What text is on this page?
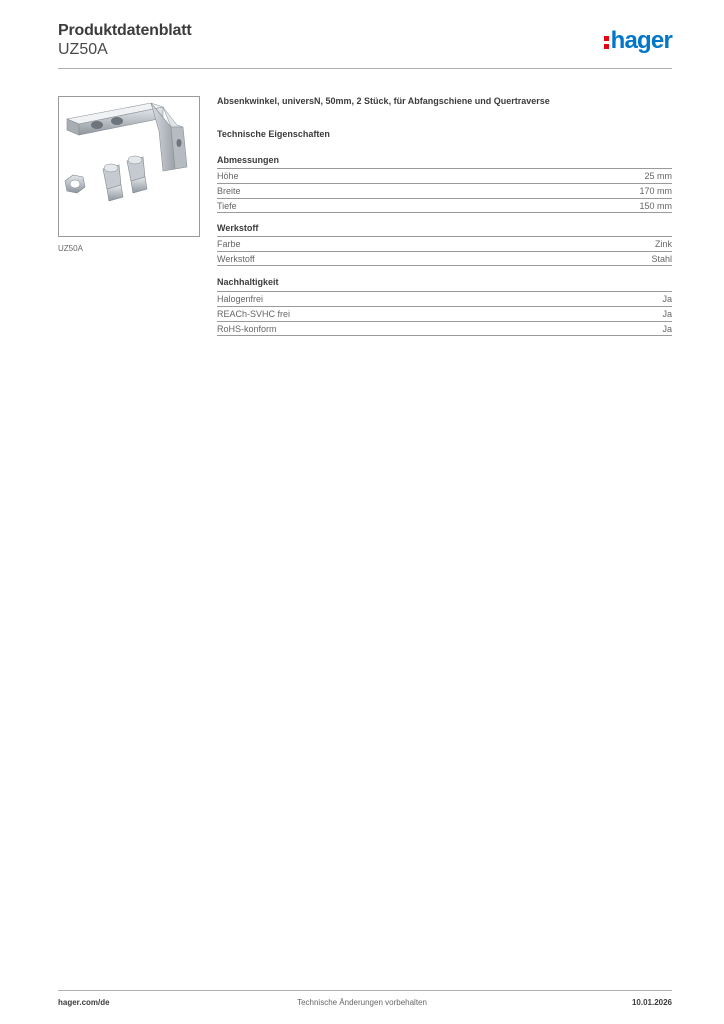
Produktdatenblatt
UZ50A	hager
UZ50A
Absenkwinkel, universN, 50mm, 2 Stück, für Abfangschiene und Quertraverse
Technische Eigenschaften
Abmessungen
Höhe	25 mm
Breite	170 mm
Tiefe	150 mm
Werkstoff
Farbe	Zink
Werkstoff	Stahl
Nachhaltigkeit
Halogenfrei	Ja
REACh-SVHC frei	Ja
RoHS-konform	Ja
Technische Änderungen vorbehalten
hager.com/de	10.01.2026
